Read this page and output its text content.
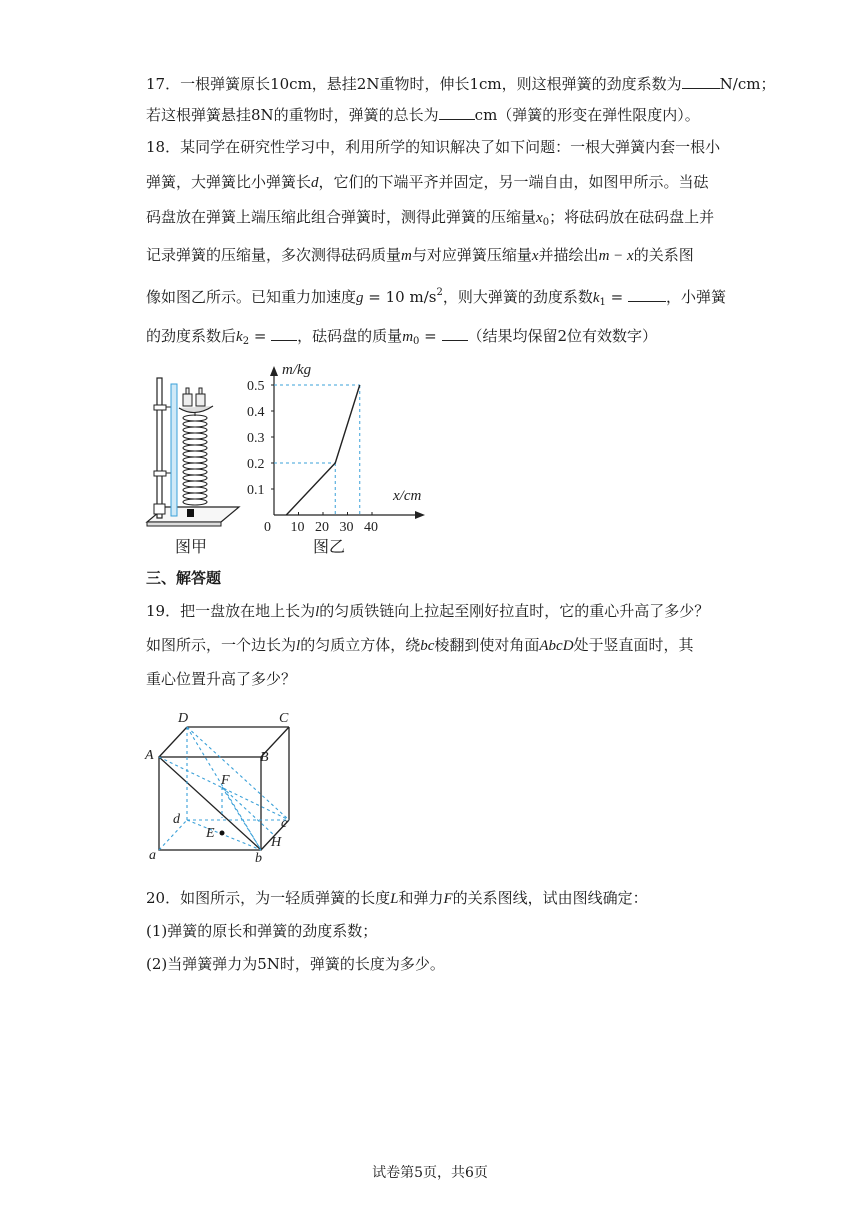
17．一根弹簧原长10cm，悬挂2N重物时，伸长1cm，则这根弹簧的劲度系数为	N/cm；
若这根弹簧悬挂8N的重物时，弹簧的总长为 cm（弹簧的形变在弹性限度内）。
18．某同学在研究性学习中，利用所学的知识解决了如下问题：一根大弹簧内套一根小
弹簧，大弹簧比小弹簧长d，它们的下端平齐并固定，另一端自由，如图甲所示。当砝
码盘放在弹簧上端压缩此组合弹簧时，测得此弹簧的压缩量$x_0$；将砝码放在砝码盘上并
记录弹簧的压缩量，多次测得砝码质量m与对应弹簧压缩量x并描绘出m − x的关系图
像如图乙所示。已知重力加速度g = 10 $m/s^2$，则大弹簧的劲度系数$k_1$ =	，小弹簧
的劲度系数后$k_2$ = ，砝码盘的质量$m_0$ = （结果均保留2位有效数字）
图甲
m/kg
x/cm
0.5
0.4
0.3
0.2
0.1
0 10 20 30 40
图乙
三、解答题
19．把一盘放在地上长为l的匀质铁链向上拉起至刚好拉直时，它的重心升高了多少？
如图所示，一个边长为l的匀质立方体，绕bc棱翻到使对角面AbcD处于竖直面时，其
重心位置升高了多少？
D	C
A	B
F
d	c
E
H
a	b
20．如图所示，为一轻质弹簧的长度L和弹力F的关系图线，试由图线确定：
(1)弹簧的原长和弹簧的劲度系数；
(2)当弹簧弹力为5N时，弹簧的长度为多少。
试卷第5页，共6页
